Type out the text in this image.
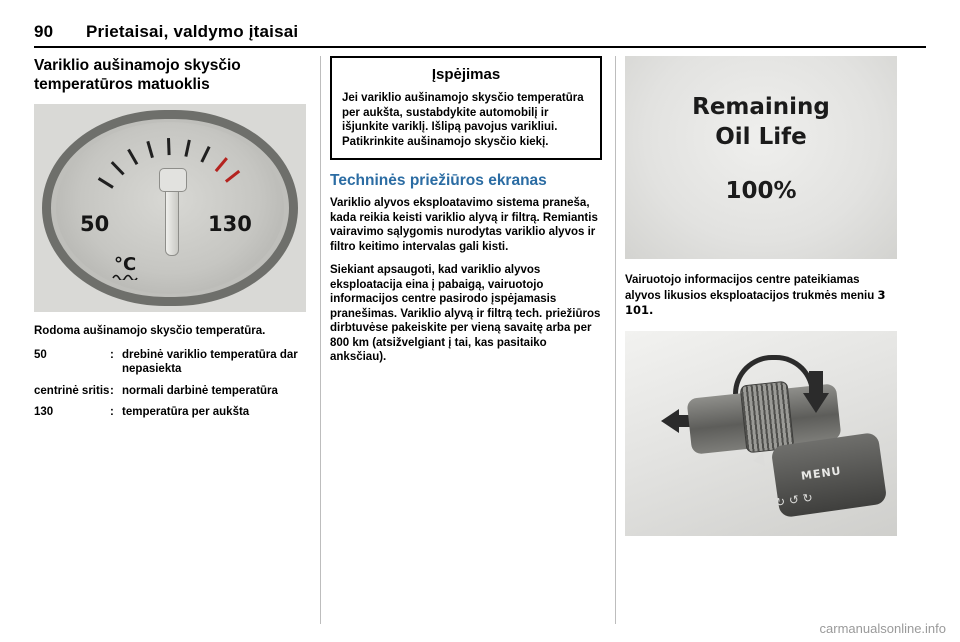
90 Prietaisai, valdymo įtaisai
Variklio aušinamojo skysčio temperatūros matuoklis
50	130
°C

Rodoma aušinamojo skysčio temperatūra.

50	:	drebinė variklio temperatūra dar nepasiekta
centrinė sritis	:	normali darbinė temperatūra
130	:	temperatūra per aukšta
Įspėjimas

Jei variklio aušinamojo skysčio temperatūra per aukšta, sustabdykite automobilį ir išjunkite variklį. Išlipą pavojus varikliui. Patikrinkite aušinamojo skysčio kiekį.

Techninės priežiūros ekranas

Variklio alyvos eksploatavimo sistema praneša, kada reikia keisti variklio alyvą ir filtrą. Remiantis vairavimo sąlygomis nurodytas variklio alyvos ir filtro keitimo intervalas gali kisti.

Siekiant apsaugoti, kad variklio alyvos eksploatacija eina į pabaigą, vairuotojo informacijos centre pasirodo įspėjamasis pranešimas. Variklio alyvą ir filtrą tech. priežiūros dirbtuvėse pakeiskite per vieną savaitę arba per 800 km (atsižvelgiant į tai, kas pasitaiko anksčiau).

Remaining
Oil Life
100%

Vairuotojo informacijos centre pateikiamas alyvos likusios eksploatacijos trukmės meniu 3 101.

MENU
↻ ↺ ↻
carmanualsonline.info
